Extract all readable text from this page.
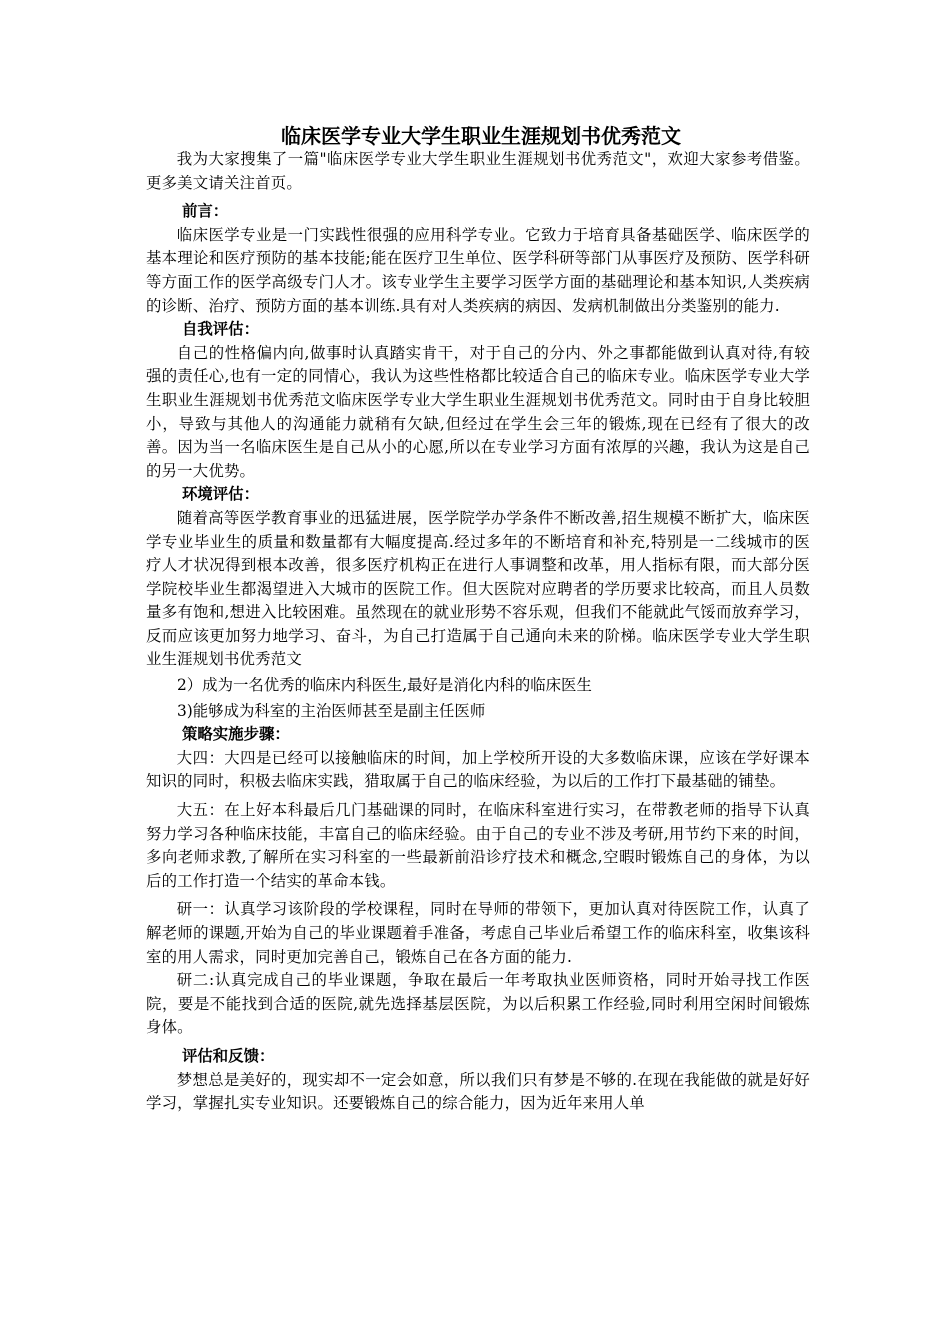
临床医学专业大学生职业生涯规划书优秀范文

我为大家搜集了一篇"临床医学专业大学生职业生涯规划书优秀范文"，欢迎大家参考借鉴。更多美文请关注首页。

前言：

临床医学专业是一门实践性很强的应用科学专业。它致力于培育具备基础医学、临床医学的基本理论和医疗预防的基本技能;能在医疗卫生单位、医学科研等部门从事医疗及预防、医学科研等方面工作的医学高级专门人才。该专业学生主要学习医学方面的基础理论和基本知识,人类疾病的诊断、治疗、预防方面的基本训练.具有对人类疾病的病因、发病机制做出分类鉴别的能力.

自我评估：

自己的性格偏内向,做事时认真踏实肯干，对于自己的分内、外之事都能做到认真对待,有较强的责任心,也有一定的同情心，我认为这些性格都比较适合自己的临床专业。临床医学专业大学生职业生涯规划书优秀范文临床医学专业大学生职业生涯规划书优秀范文。同时由于自身比较胆小，导致与其他人的沟通能力就稍有欠缺,但经过在学生会三年的锻炼,现在已经有了很大的改善。因为当一名临床医生是自己从小的心愿,所以在专业学习方面有浓厚的兴趣，我认为这是自己的另一大优势。

环境评估：

随着高等医学教育事业的迅猛进展，医学院学办学条件不断改善,招生规模不断扩大，临床医学专业毕业生的质量和数量都有大幅度提高.经过多年的不断培育和补充,特别是一二线城市的医疗人才状况得到根本改善，很多医疗机构正在进行人事调整和改革，用人指标有限，而大部分医学院校毕业生都渴望进入大城市的医院工作。但大医院对应聘者的学历要求比较高，而且人员数量多有饱和,想进入比较困难。虽然现在的就业形势不容乐观，但我们不能就此气馁而放弃学习，反而应该更加努力地学习、奋斗，为自己打造属于自己通向未来的阶梯。临床医学专业大学生职业生涯规划书优秀范文

2）成为一名优秀的临床内科医生,最好是消化内科的临床医生

3)能够成为科室的主治医师甚至是副主任医师

策略实施步骤：

大四：大四是已经可以接触临床的时间，加上学校所开设的大多数临床课，应该在学好课本知识的同时，积极去临床实践，猎取属于自己的临床经验，为以后的工作打下最基础的铺垫。

大五：在上好本科最后几门基础课的同时，在临床科室进行实习，在带教老师的指导下认真努力学习各种临床技能，丰富自己的临床经验。由于自己的专业不涉及考研,用节约下来的时间，多向老师求教,了解所在实习科室的一些最新前沿诊疗技术和概念,空暇时锻炼自己的身体，为以后的工作打造一个结实的革命本钱。

研一：认真学习该阶段的学校课程，同时在导师的带领下，更加认真对待医院工作，认真了解老师的课题,开始为自己的毕业课题着手准备，考虑自己毕业后希望工作的临床科室，收集该科室的用人需求，同时更加完善自己，锻炼自己在各方面的能力.

研二:认真完成自己的毕业课题，争取在最后一年考取执业医师资格，同时开始寻找工作医院，要是不能找到合适的医院,就先选择基层医院，为以后积累工作经验,同时利用空闲时间锻炼身体。

评估和反馈：

梦想总是美好的，现实却不一定会如意，所以我们只有梦是不够的.在现在我能做的就是好好学习，掌握扎实专业知识。还要锻炼自己的综合能力，因为近年来用人单
